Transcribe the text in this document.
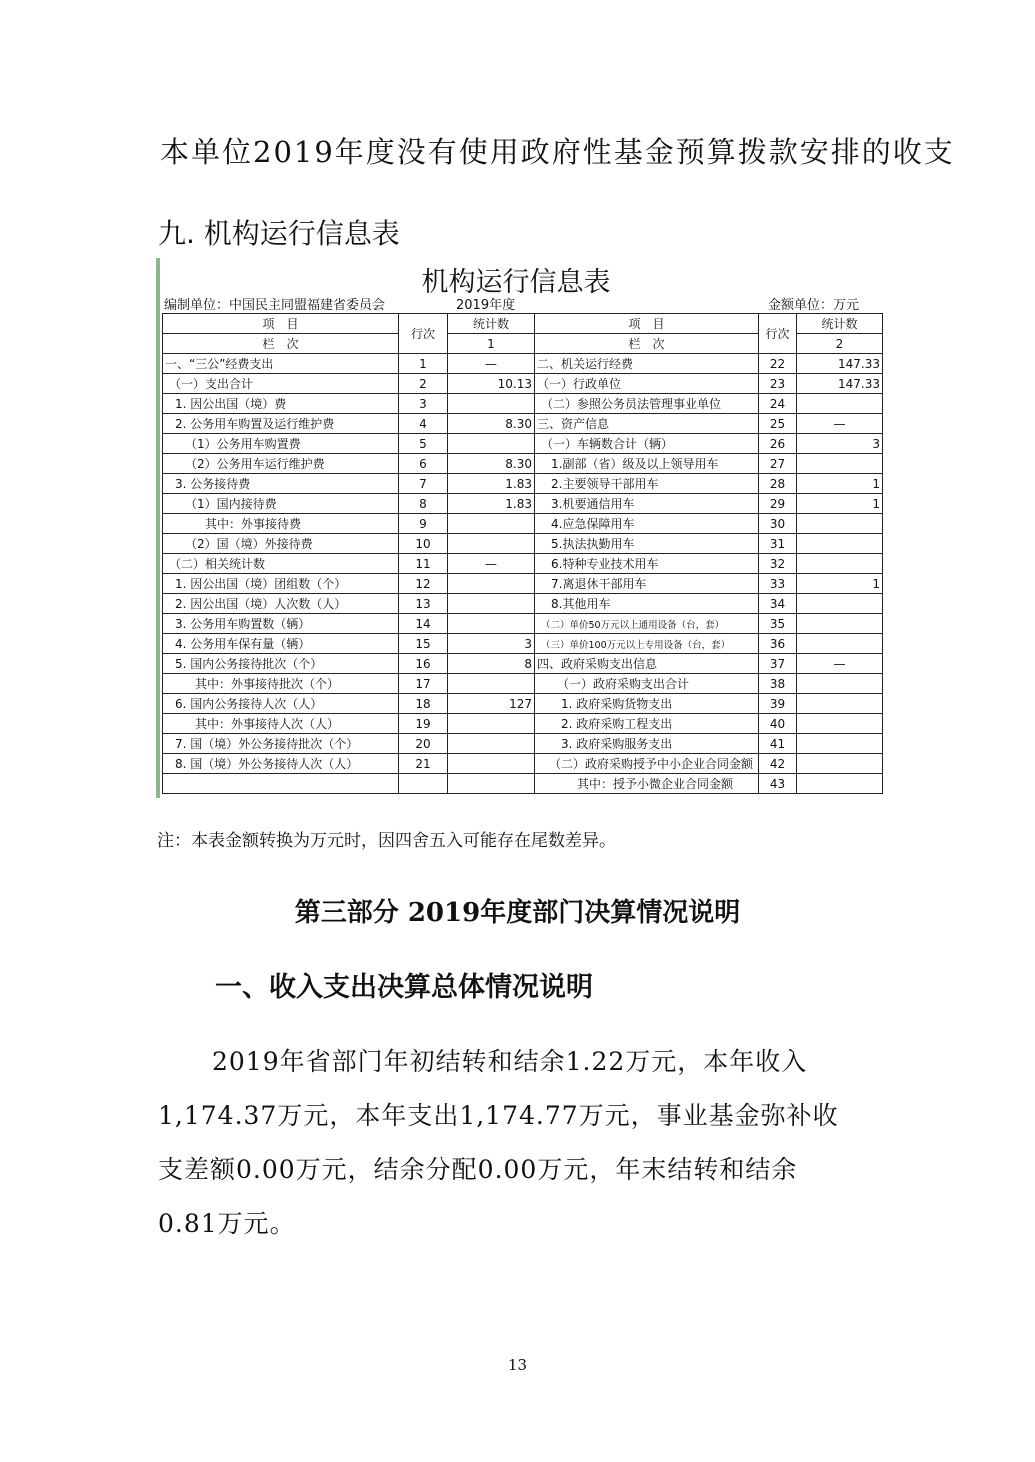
本单位2019年度没有使用政府性基金预算拨款安排的收支
九. 机构运行信息表
机构运行信息表
编制单位：中国民主同盟福建省委员会	2019年度	金额单位：万元
项　目	行次	统计数	项　目	行次	统计数
栏　次		1	栏　次		2
一、“三公”经费支出	1	—	二、机关运行经费	22	147.33
（一）支出合计	2	10.13	（一）行政单位	23	147.33
1. 因公出国（境）费	3		（二）参照公务员法管理事业单位	24	
2. 公务用车购置及运行维护费	4	8.30	三、资产信息	25	—
（1）公务用车购置费	5		（一）车辆数合计（辆）	26	3
（2）公务用车运行维护费	6	8.30	1.副部（省）级及以上领导用车	27	
3. 公务接待费	7	1.83	2.主要领导干部用车	28	1
（1）国内接待费	8	1.83	3.机要通信用车	29	1
其中：外事接待费	9		4.应急保障用车	30	
（2）国（境）外接待费	10		5.执法执勤用车	31	
（二）相关统计数	11	—	6.特种专业技术用车	32	
1. 因公出国（境）团组数（个）	12		7.离退休干部用车	33	1
2. 因公出国（境）人次数（人）	13		8.其他用车	34	
3. 公务用车购置数（辆）	14		（二）单价50万元以上通用设备（台，套）	35	
4. 公务用车保有量（辆）	15	3	（三）单价100万元以上专用设备（台，套）	36	
5. 国内公务接待批次（个）	16	8	四、政府采购支出信息	37	—
其中：外事接待批次（个）	17		（一）政府采购支出合计	38	
6. 国内公务接待人次（人）	18	127	1. 政府采购货物支出	39	
其中：外事接待人次（人）	19		2. 政府采购工程支出	40	
7. 国（境）外公务接待批次（个）	20		3. 政府采购服务支出	41	
8. 国（境）外公务接待人次（人）	21		（二）政府采购授予中小企业合同金额	42	
			其中：授予小微企业合同金额	43	
注：本表金额转换为万元时，因四舍五入可能存在尾数差异。
第三部分 2019年度部门决算情况说明
一、收入支出决算总体情况说明
2019年省部门年初结转和结余1.22万元，本年收入
1,174.37万元，本年支出1,174.77万元，事业基金弥补收
支差额0.00万元，结余分配0.00万元，年末结转和结余
0.81万元。
13
